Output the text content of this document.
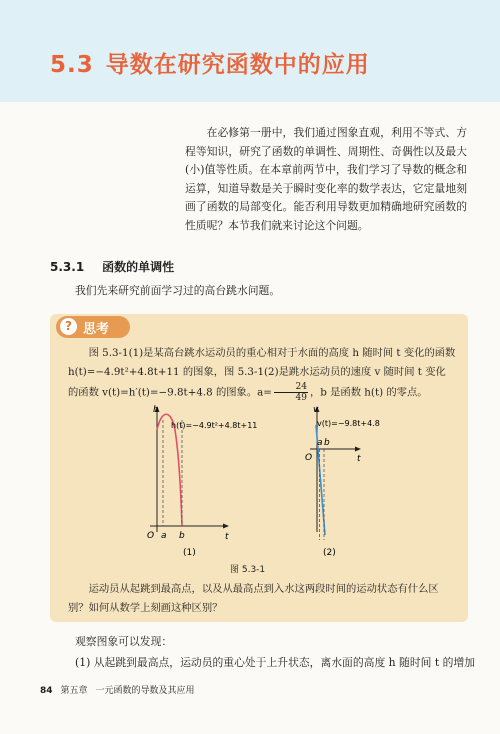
5.3 导数在研究函数中的应用

在必修第一册中，我们通过图象直观，利用不等式、方程等知识，研究了函数的单调性、周期性、奇偶性以及最大(小)值等性质。在本章前两节中，我们学习了导数的概念和运算，知道导数是关于瞬时变化率的数学表达，它定量地刻画了函数的局部变化。能否利用导数更加精确地研究函数的性质呢？本节我们就来讨论这个问题。

5.3.1 函数的单调性
我们先来研究前面学习过的高台跳水问题。
? 思考

图 5.3-1(1)是某高台跳水运动员的重心相对于水面的高度 h 随时间 t 变化的函数 h(t)=−4.9t²+4.8t+11 的图象，图 5.3-1(2)是跳水运动员的速度 v 随时间 t 变化的函数 v(t)=h′(t)=−9.8t+4.8 的图象。$a= \frac{24}{49}$ ，b 是函数 h(t) 的零点。

h
t
O a b
h(t)=−4.9t²+4.8t+11
(1)
v
t
O
a b
v(t)=−9.8t+4.8
(2)
图 5.3-1

运动员从起跳到最高点，以及从最高点到入水这两段时间的运动状态有什么区别？如何从数学上刻画这种区别？

观察图象可以发现：
(1) 从起跳到最高点，运动员的重心处于上升状态，离水面的高度 h 随时间 t 的增加
84 第五章 一元函数的导数及其应用
